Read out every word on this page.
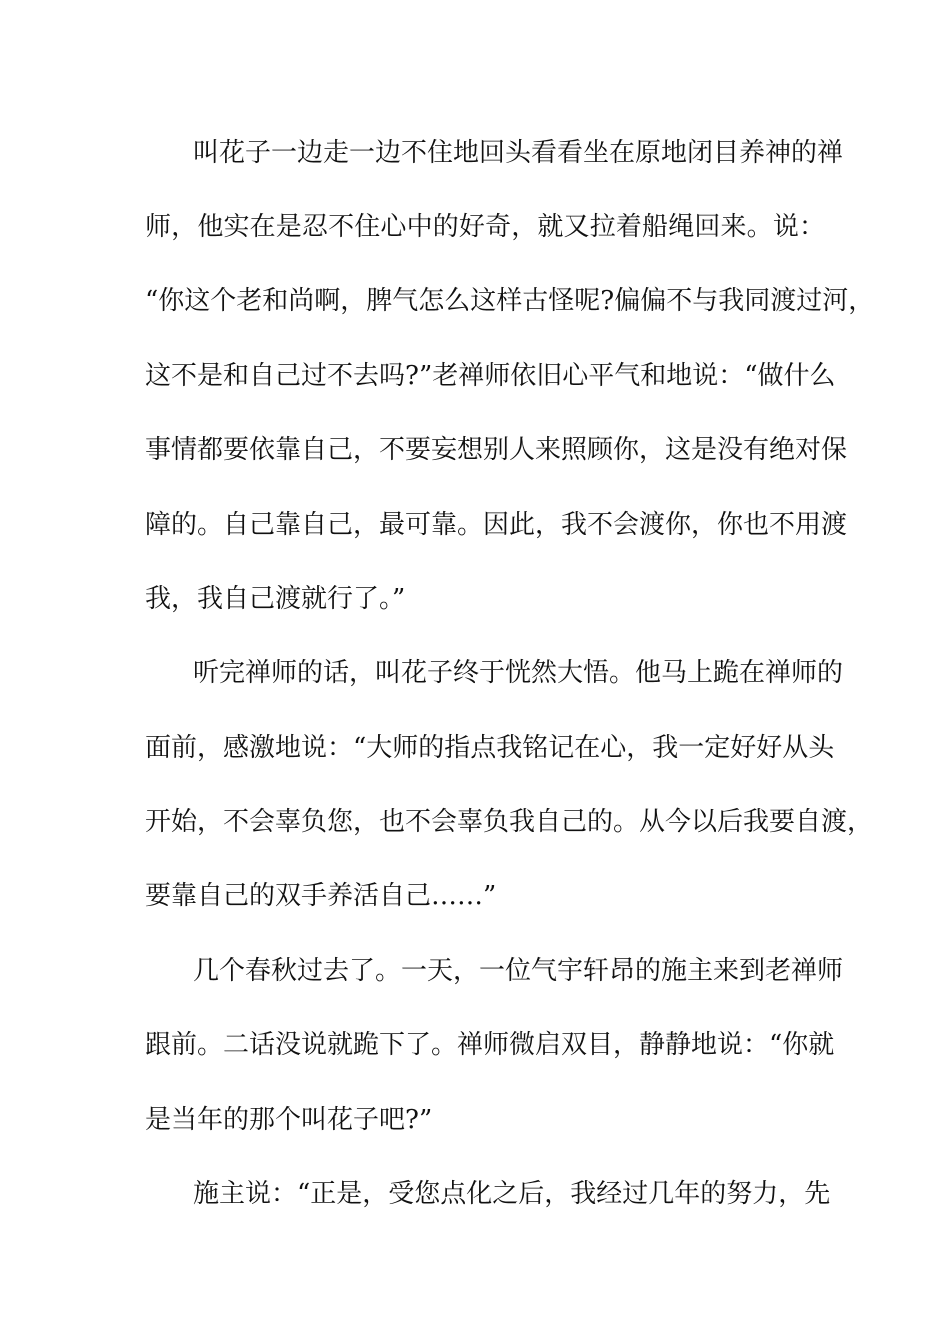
叫花子一边走一边不住地回头看看坐在原地闭目养神的禅

师，他实在是忍不住心中的好奇，就又拉着船绳回来。说：

“你这个老和尚啊，脾气怎么这样古怪呢?偏偏不与我同渡过河，

这不是和自己过不去吗?”老禅师依旧心平气和地说：“做什么

事情都要依靠自己，不要妄想别人来照顾你，这是没有绝对保

障的。自己靠自己，最可靠。因此，我不会渡你，你也不用渡

我，我自己渡就行了。”

听完禅师的话，叫花子终于恍然大悟。他马上跪在禅师的

面前，感激地说：“大师的指点我铭记在心，我一定好好从头

开始，不会辜负您，也不会辜负我自己的。从今以后我要自渡，

要靠自己的双手养活自己……”

几个春秋过去了。一天，一位气宇轩昂的施主来到老禅师

跟前。二话没说就跪下了。禅师微启双目，静静地说：“你就

是当年的那个叫花子吧?”

施主说：“正是，受您点化之后，我经过几年的努力，先
